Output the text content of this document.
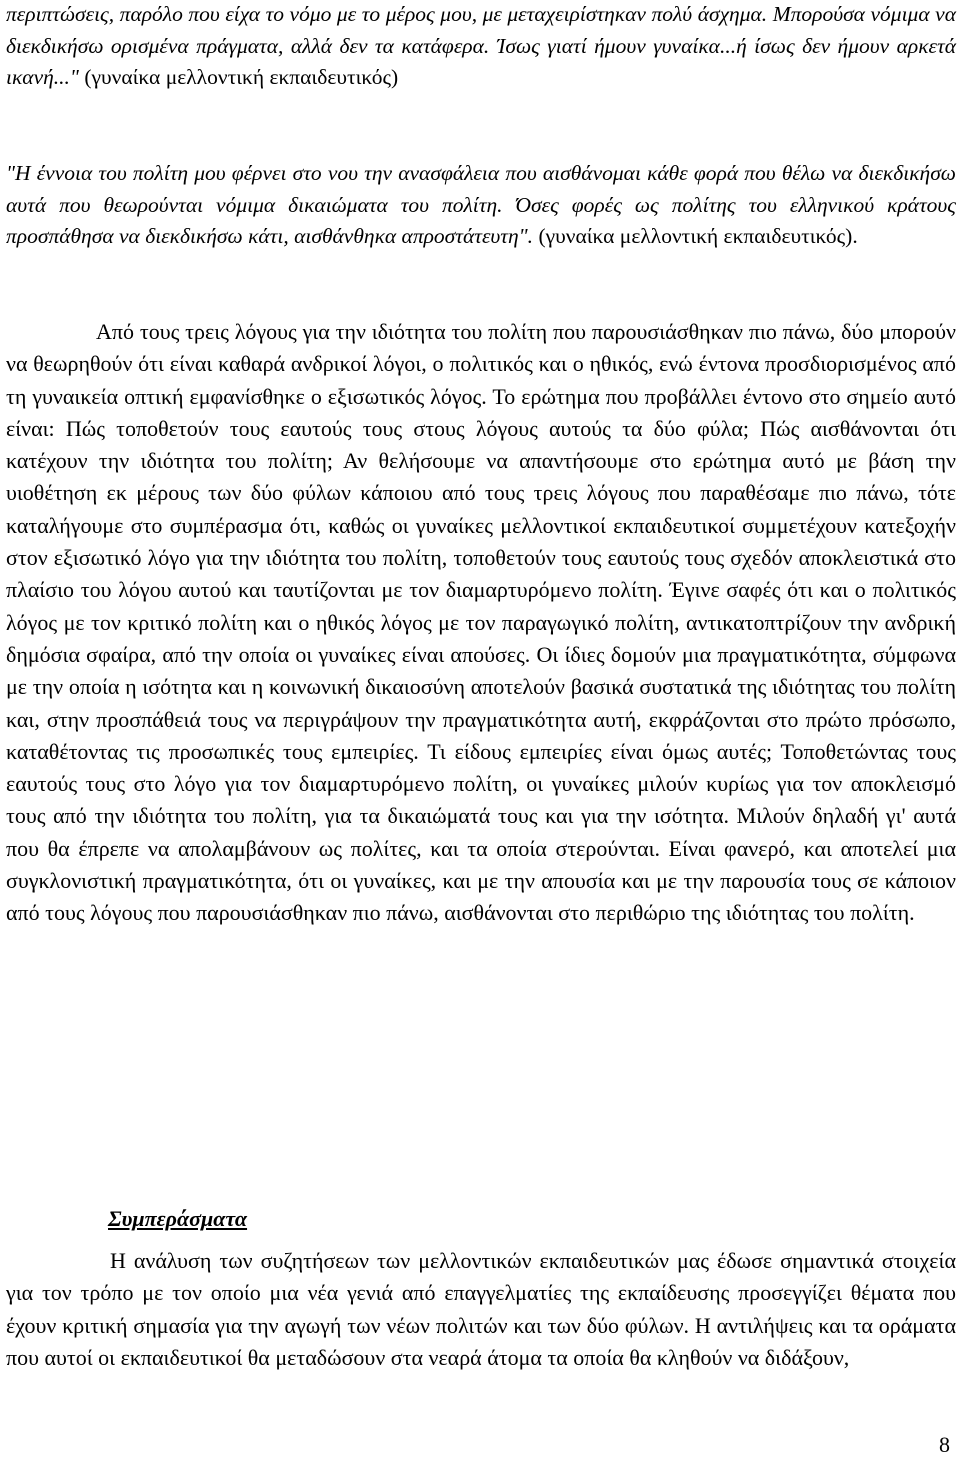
περιπτώσεις, παρόλο που είχα το νόμο με το μέρος μου, με μεταχειρίστηκαν πολύ άσχημα. Μπορούσα νόμιμα να διεκδικήσω ορισμένα πράγματα, αλλά δεν τα κατάφερα. Ίσως γιατί ήμουν γυναίκα...ή ίσως δεν ήμουν αρκετά ικανή..." (γυναίκα μελλοντική εκπαιδευτικός)

"Η έννοια του πολίτη μου φέρνει στο νου την ανασφάλεια που αισθάνομαι κάθε φορά που θέλω να διεκδικήσω αυτά που θεωρούνται νόμιμα δικαιώματα του πολίτη. Όσες φορές ως πολίτης του ελληνικού κράτους προσπάθησα να διεκδικήσω κάτι, αισθάνθηκα απροστάτευτη". (γυναίκα μελλοντική εκπαιδευτικός).

Από τους τρεις λόγους για την ιδιότητα του πολίτη που παρουσιάσθηκαν πιο πάνω, δύο μπορούν να θεωρηθούν ότι είναι καθαρά ανδρικοί λόγοι, ο πολιτικός και ο ηθικός, ενώ έντονα προσδιορισμένος από τη γυναικεία οπτική εμφανίσθηκε ο εξισωτικός λόγος. Το ερώτημα που προβάλλει έντονο στο σημείο αυτό είναι: Πώς τοποθετούν τους εαυτούς τους στους λόγους αυτούς τα δύο φύλα; Πώς αισθάνονται ότι κατέχουν την ιδιότητα του πολίτη; Αν θελήσουμε να απαντήσουμε στο ερώτημα αυτό με βάση την υιοθέτηση εκ μέρους των δύο φύλων κάποιου από τους τρεις λόγους που παραθέσαμε πιο πάνω, τότε καταλήγουμε στο συμπέρασμα ότι, καθώς οι γυναίκες μελλοντικοί εκπαιδευτικοί συμμετέχουν κατεξοχήν στον εξισωτικό λόγο για την ιδιότητα του πολίτη, τοποθετούν τους εαυτούς τους σχεδόν αποκλειστικά στο πλαίσιο του λόγου αυτού και ταυτίζονται με τον διαμαρτυρόμενο πολίτη. Έγινε σαφές ότι και ο πολιτικός λόγος με τον κριτικό πολίτη και ο ηθικός λόγος με τον παραγωγικό πολίτη, αντικατοπτρίζουν την ανδρική δημόσια σφαίρα, από την οποία οι γυναίκες είναι απούσες. Οι ίδιες δομούν μια πραγματικότητα, σύμφωνα με την οποία η ισότητα και η κοινωνική δικαιοσύνη αποτελούν βασικά συστατικά της ιδιότητας του πολίτη και, στην προσπάθειά τους να περιγράψουν την πραγματικότητα αυτή, εκφράζονται στο πρώτο πρόσωπο, καταθέτοντας τις προσωπικές τους εμπειρίες. Τι είδους εμπειρίες είναι όμως αυτές; Τοποθετώντας τους εαυτούς τους στο λόγο για τον διαμαρτυρόμενο πολίτη, οι γυναίκες μιλούν κυρίως για τον αποκλεισμό τους από την ιδιότητα του πολίτη, για τα δικαιώματά τους και για την ισότητα. Μιλούν δηλαδή γι' αυτά που θα έπρεπε να απολαμβάνουν ως πολίτες, και τα οποία στερούνται. Είναι φανερό, και αποτελεί μια συγκλονιστική πραγματικότητα, ότι οι γυναίκες, και με την απουσία και με την παρουσία τους σε κάποιον από τους λόγους που παρουσιάσθηκαν πιο πάνω, αισθάνονται στο περιθώριο της ιδιότητας του πολίτη.

Συμπεράσματα

Η ανάλυση των συζητήσεων των μελλοντικών εκπαιδευτικών μας έδωσε σημαντικά στοιχεία για τον τρόπο με τον οποίο μια νέα γενιά από επαγγελματίες της εκπαίδευσης προσεγγίζει θέματα που έχουν κριτική σημασία για την αγωγή των νέων πολιτών και των δύο φύλων. Η αντιλήψεις και τα οράματα που αυτοί οι εκπαιδευτικοί θα μεταδώσουν στα νεαρά άτομα τα οποία θα κληθούν να διδάξουν,

8
